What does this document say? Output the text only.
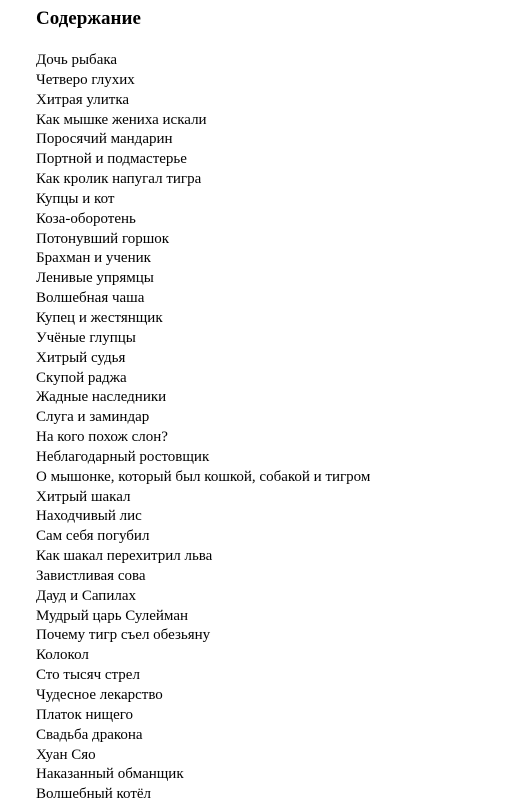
Содержание
Дочь рыбака
Четверо глухих
Хитрая улитка
Как мышке жениха искали
Поросячий мандарин
Портной и подмастерье
Как кролик напугал тигра
Купцы и кот
Коза-оборотень
Потонувший горшок
Брахман и ученик
Ленивые упрямцы
Волшебная чаша
Купец и жестянщик
Учёные глупцы
Хитрый судья
Скупой раджа
Жадные наследники
Слуга и заминдар
На кого похож слон?
Неблагодарный ростовщик
О мышонке, который был кошкой, собакой и тигром
Хитрый шакал
Находчивый лис
Сам себя погубил
Как шакал перехитрил льва
Завистливая сова
Дауд и Сапилах
Мудрый царь Сулейман
Почему тигр съел обезьяну
Колокол
Сто тысяч стрел
Чудесное лекарство
Платок нищего
Свадьба дракона
Хуан Сяо
Наказанный обманщик
Волшебный котёл
